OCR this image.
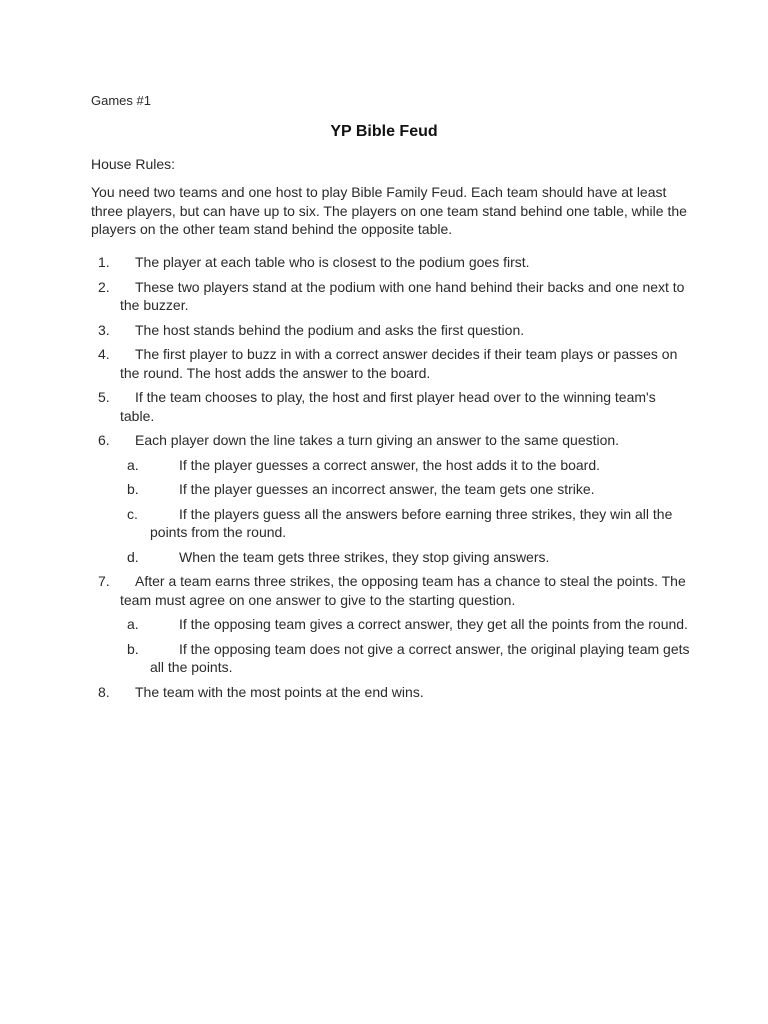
Games #1
YP Bible Feud
House Rules:
You need two teams and one host to play Bible Family Feud. Each team should have at least three players, but can have up to six. The players on one team stand behind one table, while the players on the other team stand behind the opposite table.
1.	The player at each table who is closest to the podium goes first.
2.	These two players stand at the podium with one hand behind their backs and one next to the buzzer.
3.	The host stands behind the podium and asks the first question.
4.	The first player to buzz in with a correct answer decides if their team plays or passes on the round. The host adds the answer to the board.
5.	If the team chooses to play, the host and first player head over to the winning team's table.
6.	Each player down the line takes a turn giving an answer to the same question.
a.	If the player guesses a correct answer, the host adds it to the board.
b.	If the player guesses an incorrect answer, the team gets one strike.
c.	If the players guess all the answers before earning three strikes, they win all the points from the round.
d.	When the team gets three strikes, they stop giving answers.
7.	After a team earns three strikes, the opposing team has a chance to steal the points. The team must agree on one answer to give to the starting question.
a.	If the opposing team gives a correct answer, they get all the points from the round.
b.	If the opposing team does not give a correct answer, the original playing team gets all the points.
8.	The team with the most points at the end wins.
